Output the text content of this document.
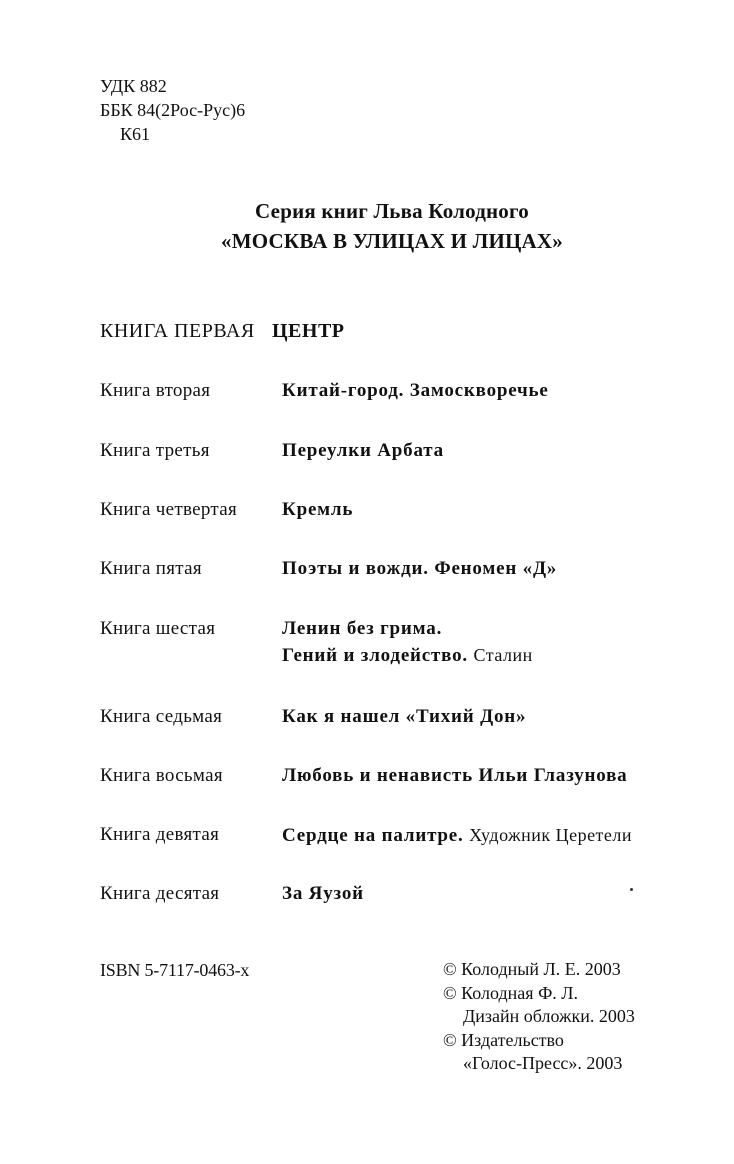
УДК 882
ББК 84(2Рос-Рус)6
К61
Серия книг Льва Колодного
«МОСКВА В УЛИЦАХ И ЛИЦАХ»
КНИГА ПЕРВАЯ ЦЕНТР
Книга вторая	Китай-город. Замоскворечье
Книга третья	Переулки Арбата
Книга четвертая Кремль
Книга пятая	Поэты и вожди. Феномен «Д»
Книга шестая	Ленин без грима.
Гений и злодейство. Сталин
Книга седьмая	Как я нашел «Тихий Дон»
Книга восьмая	Любовь и ненависть Ильи Глазунова
Книга девятая	Сердце на палитре. Художник Церетели
Книга десятая	За Яузой
ISBN 5-7117-0463-х	© Колодный Л. Е. 2003
© Колодная Ф. Л.
Дизайн обложки. 2003
© Издательство
«Голос-Пресс». 2003
